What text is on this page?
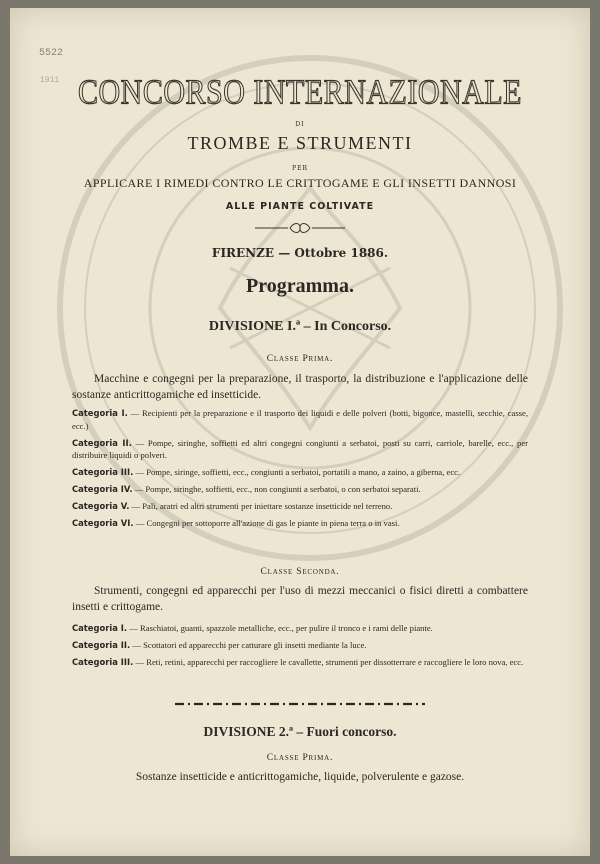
5522
1911 CONCORSO INTERNAZIONALE
DI
TROMBE E STRUMENTI
PER
APPLICARE I RIMEDI CONTRO LE CRITTOGAME E GLI INSETTI DANNOSI
ALLE PIANTE COLTIVATE
FIRENZE — Ottobre 1886.
Programma.
DIVISIONE I.ª – In Concorso.
Classe Prima.
Macchine e congegni per la preparazione, il trasporto, la distribuzione e l'applicazione delle sostanze anticrittogamiche ed insetticide.
Categoria I. — Recipienti per la preparazione e il trasporto dei liquidi e delle polveri (botti, bigonce, mastelli, secchie, casse, ecc.)
Categoria II. — Pompe, siringhe, soffietti ed altri congegni congiunti a serbatoi, posti su carri, carriole, barelle, ecc., per distribuire liquidi o polveri.
Categoria III. — Pompe, siringe, soffietti, ecc., congiunti a serbatoi, portatili a mano, a zaino, a giberna, ecc.
Categoria IV. — Pompe, siringhe, soffietti, ecc., non congiunti a serbatoi, o con serbatoi separati.
Categoria V. — Pali, aratri ed altri strumenti per iniettare sostanze insetticide nel terreno.
Categoria VI. — Congegni per sottoporre all'azione di gas le piante in piena terra o in vasi.
Classe Seconda.
Strumenti, congegni ed apparecchi per l'uso di mezzi meccanici o fisici diretti a combattere insetti e crittogame.
Categoria I. — Raschiatoi, guanti, spazzole metalliche, ecc., per pulire il tronco e i rami delle piante.
Categoria II. — Scottatori ed apparecchi per catturare gli insetti mediante la luce.
Categoria III. — Reti, retini, apparecchi per raccogliere le cavallette, strumenti per dissotterrare e raccogliere le loro nova, ecc.
DIVISIONE 2.ª – Fuori concorso.
Classe Prima.
Sostanze insetticide e anticrittogamiche, liquide, polverulente e gazose.
